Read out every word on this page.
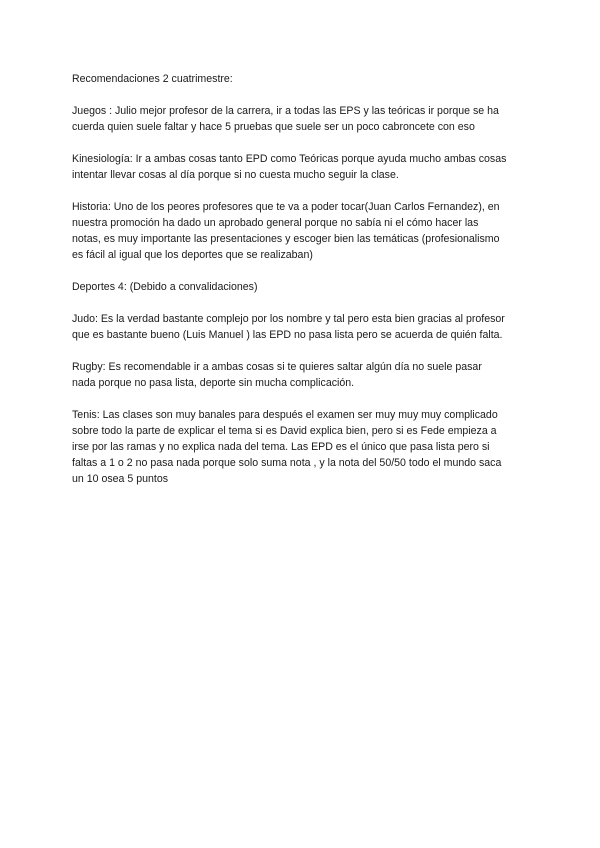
Recomendaciones 2 cuatrimestre:

Juegos : Julio mejor profesor de la carrera, ir a todas las EPS y las teóricas ir porque se ha
cuerda quien suele faltar y hace 5 pruebas que suele ser un poco cabroncete con eso

Kinesiología: Ir a ambas cosas tanto EPD como Teóricas porque ayuda mucho ambas cosas
intentar llevar cosas al día porque si no cuesta mucho seguir la clase.

Historia: Uno de los peores profesores que te va a poder tocar(Juan Carlos Fernandez), en
nuestra promoción ha dado un aprobado general porque no sabía ni el cómo hacer las
notas, es muy importante las presentaciones y escoger bien las temáticas (profesionalismo
es fácil al igual que los deportes que se realizaban)

Deportes 4: (Debido a convalidaciones)

Judo: Es la verdad bastante complejo por los nombre y tal pero esta bien gracias al profesor
que es bastante bueno (Luis Manuel ) las EPD no pasa lista pero se acuerda de quién falta.

Rugby: Es recomendable ir a ambas cosas si te quieres saltar algún día no suele pasar
nada porque no pasa lista, deporte sin mucha complicación.

Tenis: Las clases son muy banales para después el examen ser muy muy muy complicado
sobre todo la parte de explicar el tema si es David explica bien, pero si es Fede empieza a
irse por las ramas y no explica nada del tema. Las EPD es el único que pasa lista pero si
faltas a 1 o 2 no pasa nada porque solo suma nota , y la nota del 50/50 todo el mundo saca
un 10 osea 5 puntos
